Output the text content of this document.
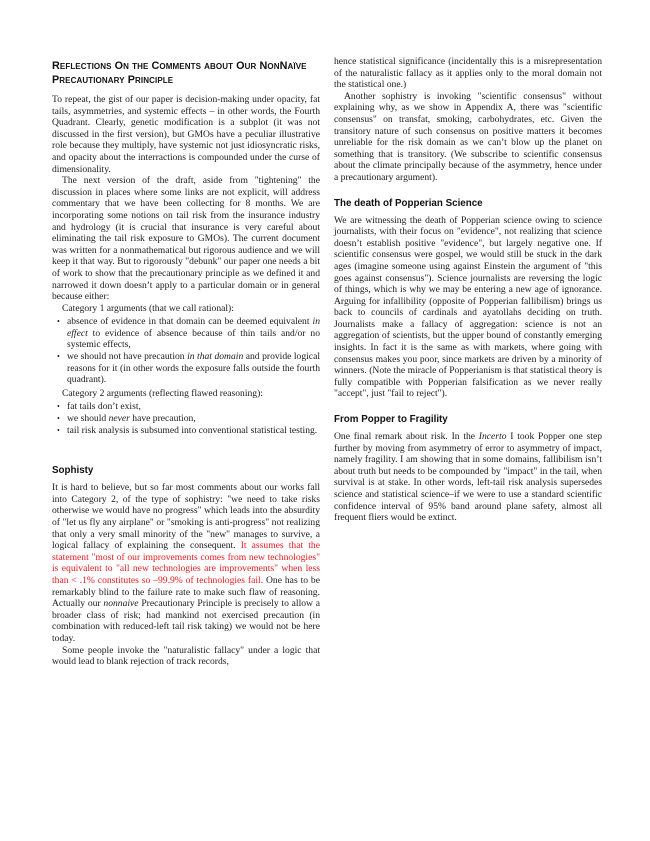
Reflections On the Comments about Our NonNaïve Precautionary Principle

To repeat, the gist of our paper is decision-making under opacity, fat tails, asymmetries, and systemic effects – in other words, the Fourth Quadrant. Clearly, genetic modification is a subplot (it was not discussed in the first version), but GMOs have a peculiar illustrative role because they multiply, have systemic not just idiosyncratic risks, and opacity about the interractions is compounded under the curse of dimensionality.

The next version of the draft, aside from "tightening" the discussion in places where some links are not explicit, will address commentary that we have been collecting for 8 months. We are incorporating some notions on tail risk from the insurance industry and hydrology (it is crucial that insurance is very careful about eliminating the tail risk exposure to GMOs). The current document was written for a nonmathematical but rigorous audience and we will keep it that way. But to rigorously "debunk" our paper one needs a bit of work to show that the precautionary principle as we defined it and narrowed it down doesn’t apply to a particular domain or in general because either:

Category 1 arguments (that we call rational):

• absence of evidence in that domain can be deemed equivalent in effect to evidence of absence because of thin tails and/or no systemic effects,
• we should not have precaution in that domain and provide logical reasons for it (in other words the exposure falls outside the fourth quadrant).

Category 2 arguments (reflecting flawed reasoning):

• fat tails don’t exist,
• we should never have precaution,
• tail risk analysis is subsumed into conventional statistical testing.
Sophisty

It is hard to believe, but so far most comments about our works fall into Category 2, of the type of sophistry: "we need to take risks otherwise we would have no progress" which leads into the absurdity of "let us fly any airplane" or "smoking is anti-progress" not realizing that only a very small minority of the "new" manages to survive, a logical fallacy of explaining the consequent. It assumes that the statement "most of our improvements comes from new technologies" is equivalent to "all new technologies are improvements" when less than < .1% constitutes so –99.9% of technologies fail. One has to be remarkably blind to the failure rate to make such flaw of reasoning. Actually our nonnaive Precautionary Principle is precisely to allow a broader class of risk; had mankind not exercised precaution (in combination with reduced-left tail risk taking) we would not be here today.

Some people invoke the "naturalistic fallacy" under a logic that would lead to blank rejection of track records,

hence statistical significance (incidentally this is a misrepresentation of the naturalistic fallacy as it applies only to the moral domain not the statistical one.)

Another sophistry is invoking "scientific consensus" without explaining why, as we show in Appendix A, there was "scientific consensus" on transfat, smoking, carbohydrates, etc. Given the transitory nature of such consensus on positive matters it becomes unreliable for the risk domain as we can’t blow up the planet on something that is transitory. (We subscribe to scientific consensus about the climate principally because of the asymmetry, hence under a precautionary argument).

The death of Popperian Science

We are witnessing the death of Popperian science owing to science journalists, with their focus on "evidence", not realizing that science doesn’t establish positive "evidence", but largely negative one. If scientific consensus were gospel, we would still be stuck in the dark ages (imagine someone using against Einstein the argument of "this goes against consensus"). Science journalists are reversing the logic of things, which is why we may be entering a new age of ignorance. Arguing for infallibility (opposite of Popperian fallibilism) brings us back to councils of cardinals and ayatollahs deciding on truth. Journalists make a fallacy of aggregation: science is not an aggregation of scientists, but the upper bound of constantly emerging insights. In fact it is the same as with markets, where going with consensus makes you poor, since markets are driven by a minority of winners. (Note the miracle of Popperianism is that statistical theory is fully compatible with Popperian falsification as we never really "accept", just "fail to reject").

From Popper to Fragility

One final remark about risk. In the Incerto I took Popper one step further by moving from asymmetry of error to asymmetry of impact, namely fragility. I am showing that in some domains, fallibilism isn’t about truth but needs to be compounded by "impact" in the tail, when survival is at stake. In other words, left-tail risk analysis supersedes science and statistical science–if we were to use a standard scientific confidence interval of 95% band around plane safety, almost all frequent fliers would be extinct.
